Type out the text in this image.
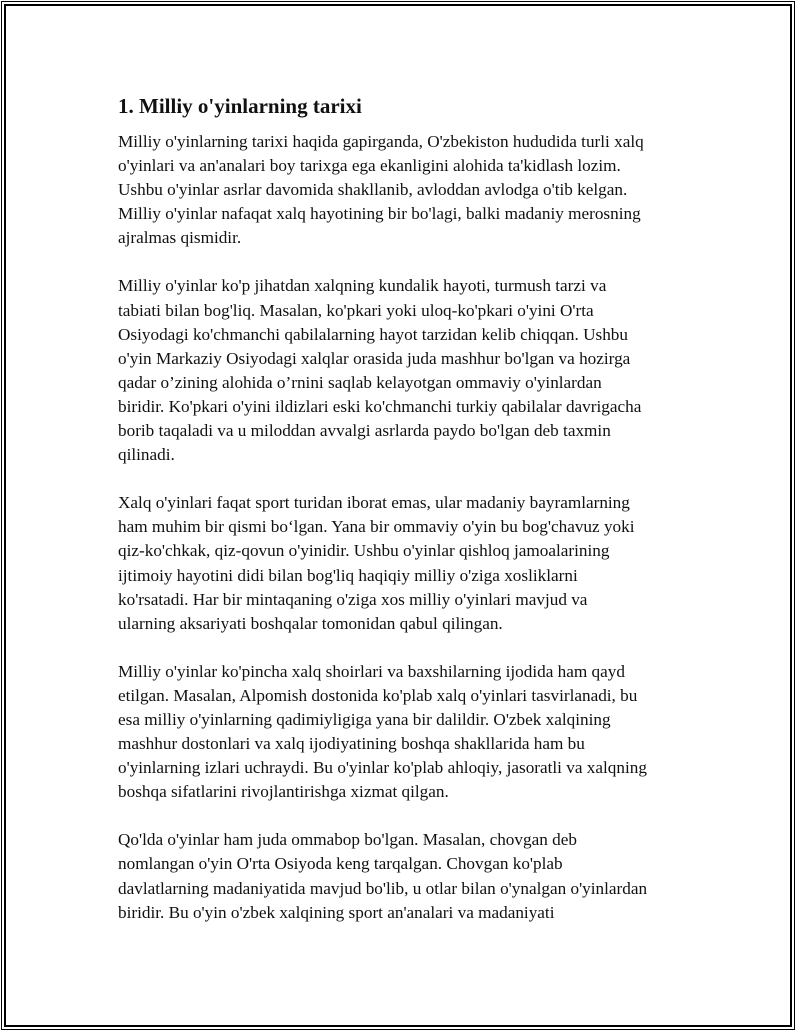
1. Milliy o'yinlarning tarixi

Milliy o'yinlarning tarixi haqida gapirganda, O'zbekiston hududida turli xalq
o'yinlari va an'analari boy tarixga ega ekanligini alohida ta'kidlash lozim.
Ushbu o'yinlar asrlar davomida shakllanib, avloddan avlodga o'tib kelgan.
Milliy o'yinlar nafaqat xalq hayotining bir bo'lagi, balki madaniy merosning
ajralmas qismidir.

Milliy o'yinlar ko'p jihatdan xalqning kundalik hayoti, turmush tarzi va
tabiati bilan bog'liq. Masalan, ko'pkari yoki uloq-ko'pkari o'yini O'rta
Osiyodagi ko'chmanchi qabilalarning hayot tarzidan kelib chiqqan. Ushbu
o'yin Markaziy Osiyodagi xalqlar orasida juda mashhur bo'lgan va hozirga
qadar o’zining alohida o’rnini saqlab kelayotgan ommaviy o'yinlardan
biridir. Ko'pkari o'yini ildizlari eski ko'chmanchi turkiy qabilalar davrigacha
borib taqaladi va u miloddan avvalgi asrlarda paydo bo'lgan deb taxmin
qilinadi.

Xalq o'yinlari faqat sport turidan iborat emas, ular madaniy bayramlarning
ham muhim bir qismi bo‘lgan. Yana bir ommaviy o'yin bu bog'chavuz yoki
qiz-ko'chkak, qiz-qovun o'yinidir. Ushbu o'yinlar qishloq jamoalarining
ijtimoiy hayotini didi bilan bog'liq haqiqiy milliy o'ziga xosliklarni
ko'rsatadi. Har bir mintaqaning o'ziga xos milliy o'yinlari mavjud va
ularning aksariyati boshqalar tomonidan qabul qilingan.

Milliy o'yinlar ko'pincha xalq shoirlari va baxshilarning ijodida ham qayd
etilgan. Masalan, Alpomish dostonida ko'plab xalq o'yinlari tasvirlanadi, bu
esa milliy o'yinlarning qadimiyligiga yana bir dalildir. O'zbek xalqining
mashhur dostonlari va xalq ijodiyatining boshqa shakllarida ham bu
o'yinlarning izlari uchraydi. Bu o'yinlar ko'plab ahloqiy, jasoratli va xalqning
boshqa sifatlarini rivojlantirishga xizmat qilgan.

Qo'lda o'yinlar ham juda ommabop bo'lgan. Masalan, chovgan deb
nomlangan o'yin O'rta Osiyoda keng tarqalgan. Chovgan ko'plab
davlatlarning madaniyatida mavjud bo'lib, u otlar bilan o'ynalgan o'yinlardan
biridir. Bu o'yin o'zbek xalqining sport an'analari va madaniyati
